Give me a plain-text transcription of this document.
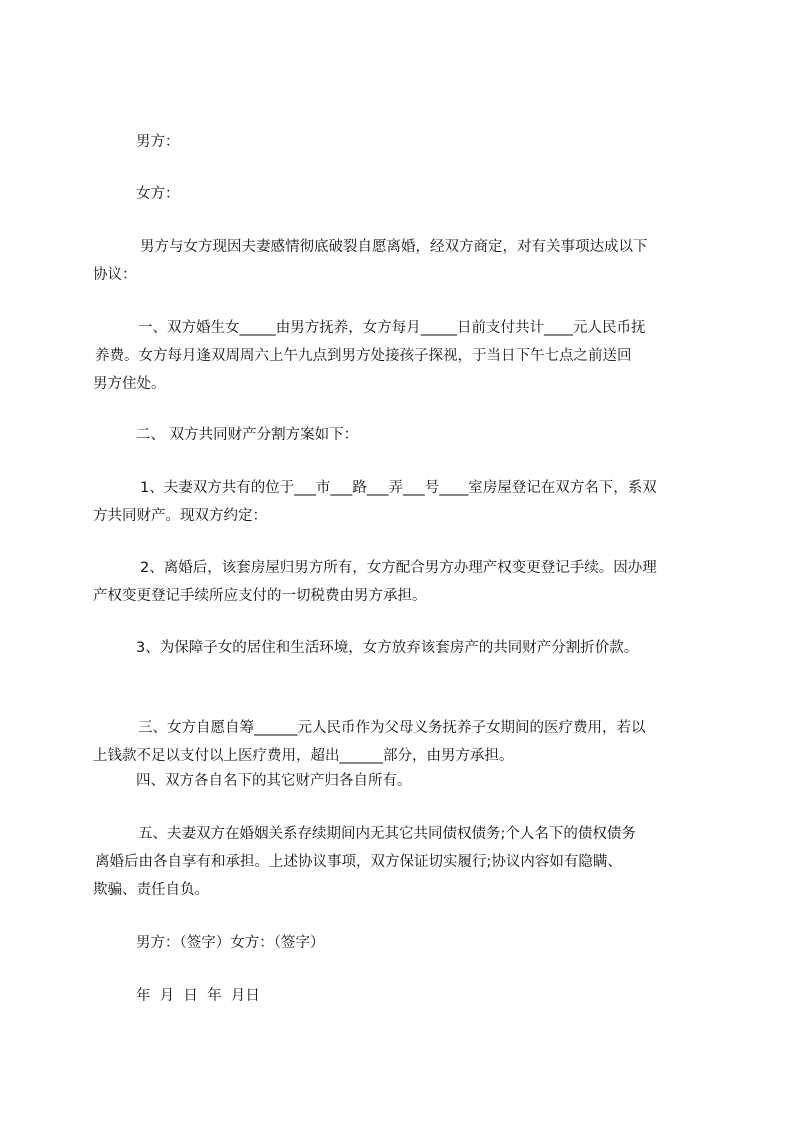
男方：

女方：

男方与女方现因夫妻感情彻底破裂自愿离婚，经双方商定，对有关事项达成以下
协议：
一、双方婚生女_____由男方抚养，女方每月_____日前支付共计____元人民币抚
养费。女方每月逢双周周六上午九点到男方处接孩子探视，于当日下午七点之前送回
男方住处。

二、 双方共同财产分割方案如下：

1、夫妻双方共有的位于___市___路___弄___号____室房屋登记在双方名下，系双
方共同财产。现双方约定：
2、离婚后，该套房屋归男方所有，女方配合男方办理产权变更登记手续。因办理
产权变更登记手续所应支付的一切税费由男方承担。

3、为保障子女的居住和生活环境，女方放弃该套房产的共同财产分割折价款。

三、女方自愿自筹______元人民币作为父母义务抚养子女期间的医疗费用，若以
上钱款不足以支付以上医疗费用，超出______部分，由男方承担。

四、双方各自名下的其它财产归各自所有。

五、夫妻双方在婚姻关系存续期间内无其它共同债权债务;个人名下的债权债务
离婚后由各自享有和承担。上述协议事项，双方保证切实履行;协议内容如有隐瞒、
欺骗、责任自负。

男方：（签字）女方：（签字）

年  月  日  年  月日
